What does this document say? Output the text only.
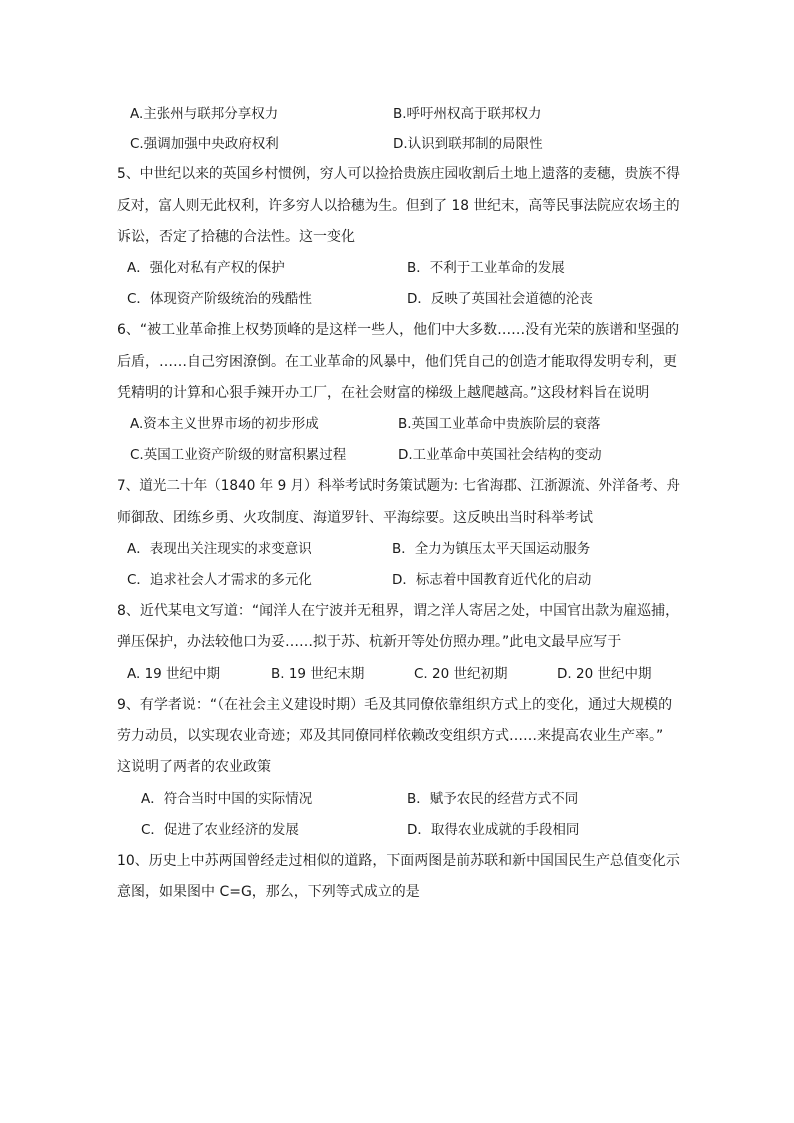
A.主张州与联邦分享权力	B.呼吁州权高于联邦权力
C.强调加强中央政府权利	D.认识到联邦制的局限性
5、中世纪以来的英国乡村惯例，穷人可以捡拾贵族庄园收割后土地上遗落的麦穗，贵族不得
反对，富人则无此权利，许多穷人以拾穗为生。但到了 18 世纪末，高等民事法院应农场主的
诉讼，否定了拾穗的合法性。这一变化
A．强化对私有产权的保护	B．不利于工业革命的发展
C．体现资产阶级统治的残酷性	D．反映了英国社会道德的沦丧
6、“被工业革命推上权势顶峰的是这样一些人，他们中大多数……没有光荣的族谱和坚强的
后盾，……自己穷困潦倒。在工业革命的风暴中，他们凭自己的创造才能取得发明专利，更
凭精明的计算和心狠手辣开办工厂，在社会财富的梯级上越爬越高。”这段材料旨在说明
A.资本主义世界市场的初步形成	B.英国工业革命中贵族阶层的衰落
C.英国工业资产阶级的财富积累过程	D.工业革命中英国社会结构的变动
7、道光二十年（1840 年 9 月）科举考试时务策试题为: 七省海郡、江浙源流、外洋备考、舟
师御敌、团练乡勇、火攻制度、海道罗针、平海综要。这反映出当时科举考试
A．表现出关注现实的求变意识	B．全力为镇压太平天国运动服务
C．追求社会人才需求的多元化	D．标志着中国教育近代化的启动
8、近代某电文写道：“闻洋人在宁波并无租界，谓之洋人寄居之处，中国官出款为雇巡捕，
弹压保护，办法较他口为妥……拟于苏、杭新开等处仿照办理。”此电文最早应写于
A. 19 世纪中期	B. 19 世纪末期	C. 20 世纪初期	D. 20 世纪中期
9、有学者说：“（在社会主义建设时期）毛及其同僚依靠组织方式上的变化，通过大规模的
劳力动员，以实现农业奇迹；邓及其同僚同样依赖改变组织方式……来提高农业生产率。”
这说明了两者的农业政策
A．符合当时中国的实际情况	B．赋予农民的经营方式不同
C．促进了农业经济的发展	D．取得农业成就的手段相同
10、历史上中苏两国曾经走过相似的道路，下面两图是前苏联和新中国国民生产总值变化示
意图，如果图中 C=G，那么，下列等式成立的是
